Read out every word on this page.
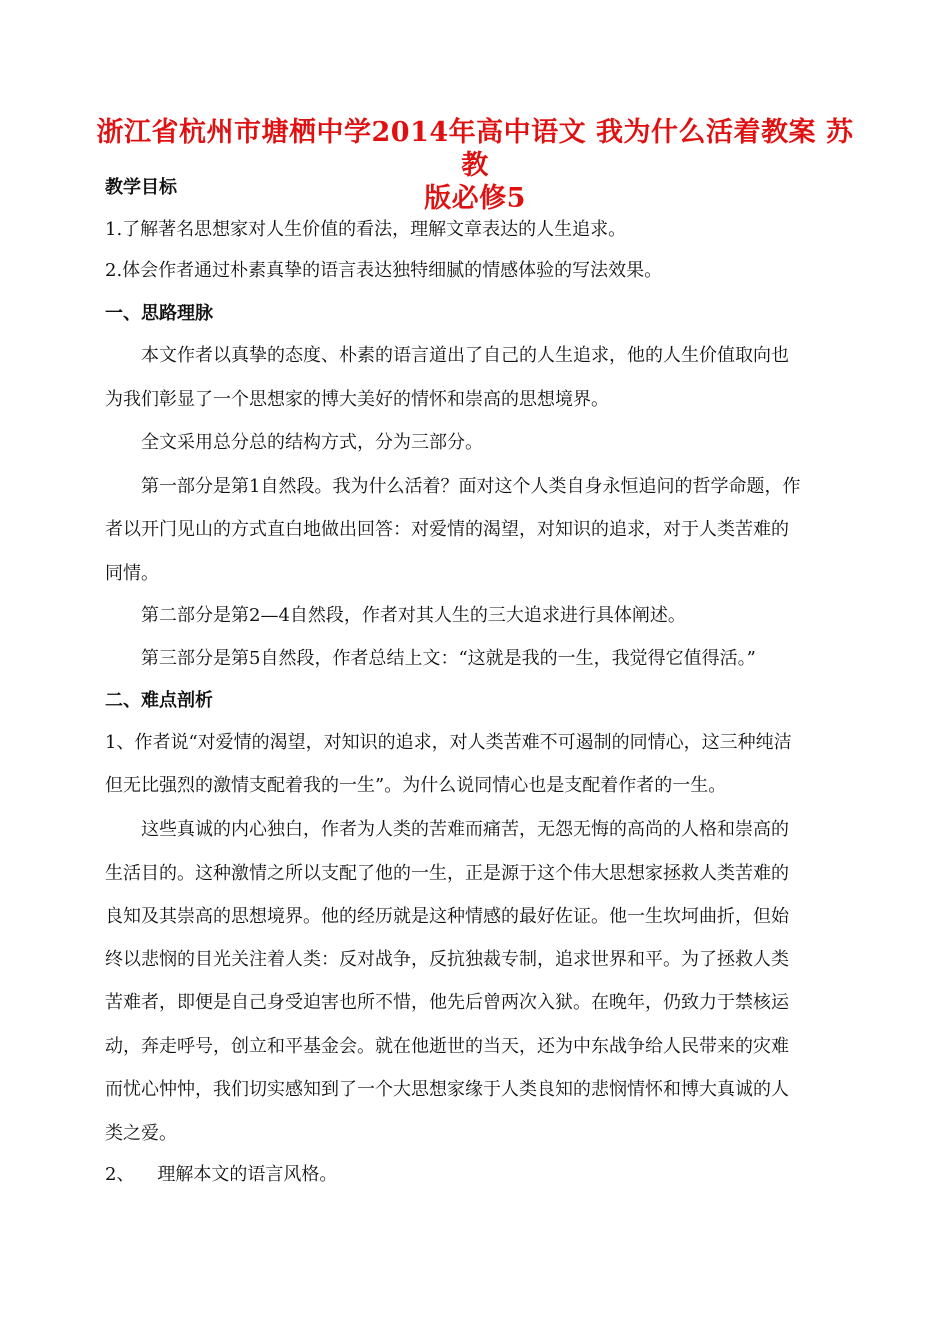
浙江省杭州市塘栖中学2014年高中语文 我为什么活着教案 苏教
版必修5
教学目标
1.了解著名思想家对人生价值的看法，理解文章表达的人生追求。
2.体会作者通过朴素真挚的语言表达独特细腻的情感体验的写法效果。
一、思路理脉
本文作者以真挚的态度、朴素的语言道出了自己的人生追求，他的人生价值取向也
为我们彰显了一个思想家的博大美好的情怀和崇高的思想境界。
全文采用总分总的结构方式，分为三部分。
第一部分是第1自然段。我为什么活着？面对这个人类自身永恒追问的哲学命题，作
者以开门见山的方式直白地做出回答：对爱情的渴望，对知识的追求，对于人类苦难的
同情。
第二部分是第2—4自然段，作者对其人生的三大追求进行具体阐述。
第三部分是第5自然段，作者总结上文：“这就是我的一生，我觉得它值得活。”
二、难点剖析
1、作者说“对爱情的渴望，对知识的追求，对人类苦难不可遏制的同情心，这三种纯洁
但无比强烈的激情支配着我的一生”。为什么说同情心也是支配着作者的一生。
这些真诚的内心独白，作者为人类的苦难而痛苦，无怨无悔的高尚的人格和崇高的
生活目的。这种激情之所以支配了他的一生，正是源于这个伟大思想家拯救人类苦难的
良知及其崇高的思想境界。他的经历就是这种情感的最好佐证。他一生坎坷曲折，但始
终以悲悯的目光关注着人类：反对战争，反抗独裁专制，追求世界和平。为了拯救人类
苦难者，即便是自己身受迫害也所不惜，他先后曾两次入狱。在晚年，仍致力于禁核运
动，奔走呼号，创立和平基金会。就在他逝世的当天，还为中东战争给人民带来的灾难
而忧心忡忡，我们切实感知到了一个大思想家缘于人类良知的悲悯情怀和博大真诚的人
类之爱。
2、    理解本文的语言风格。
